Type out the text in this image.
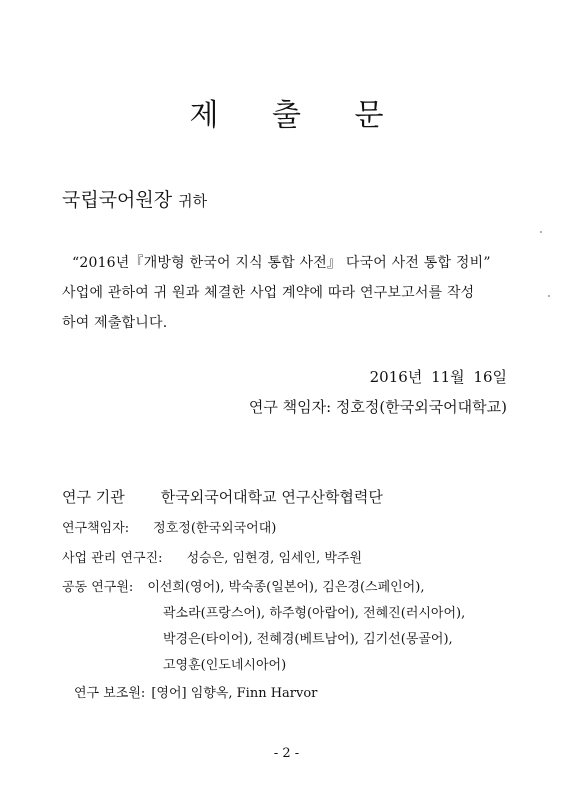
제 출 문
국립국어원장 귀하
“2016년『개방형 한국어 지식 통합 사전』 다국어 사전 통합 정비”
사업에 관하여 귀 원과 체결한 사업 계약에 따라 연구보고서를 작성
하여 제출합니다.
2016년 11월 16일
연구 책임자: 정호정(한국외국어대학교)
연구 기관 한국외국어대학교 연구산학협력단
연구책임자: 정호정(한국외국어대)
사업 관리 연구진: 성승은, 임현경, 임세인, 박주원
공동 연구원: 이선희(영어), 박숙종(일본어), 김은경(스페인어),
곽소라(프랑스어), 하주형(아랍어), 전혜진(러시아어),
박경은(타이어), 전혜경(베트남어), 김기선(몽골어),
고영훈(인도네시아어)
연구 보조원: [영어] 임향옥, Finn Harvor
- 2 -
